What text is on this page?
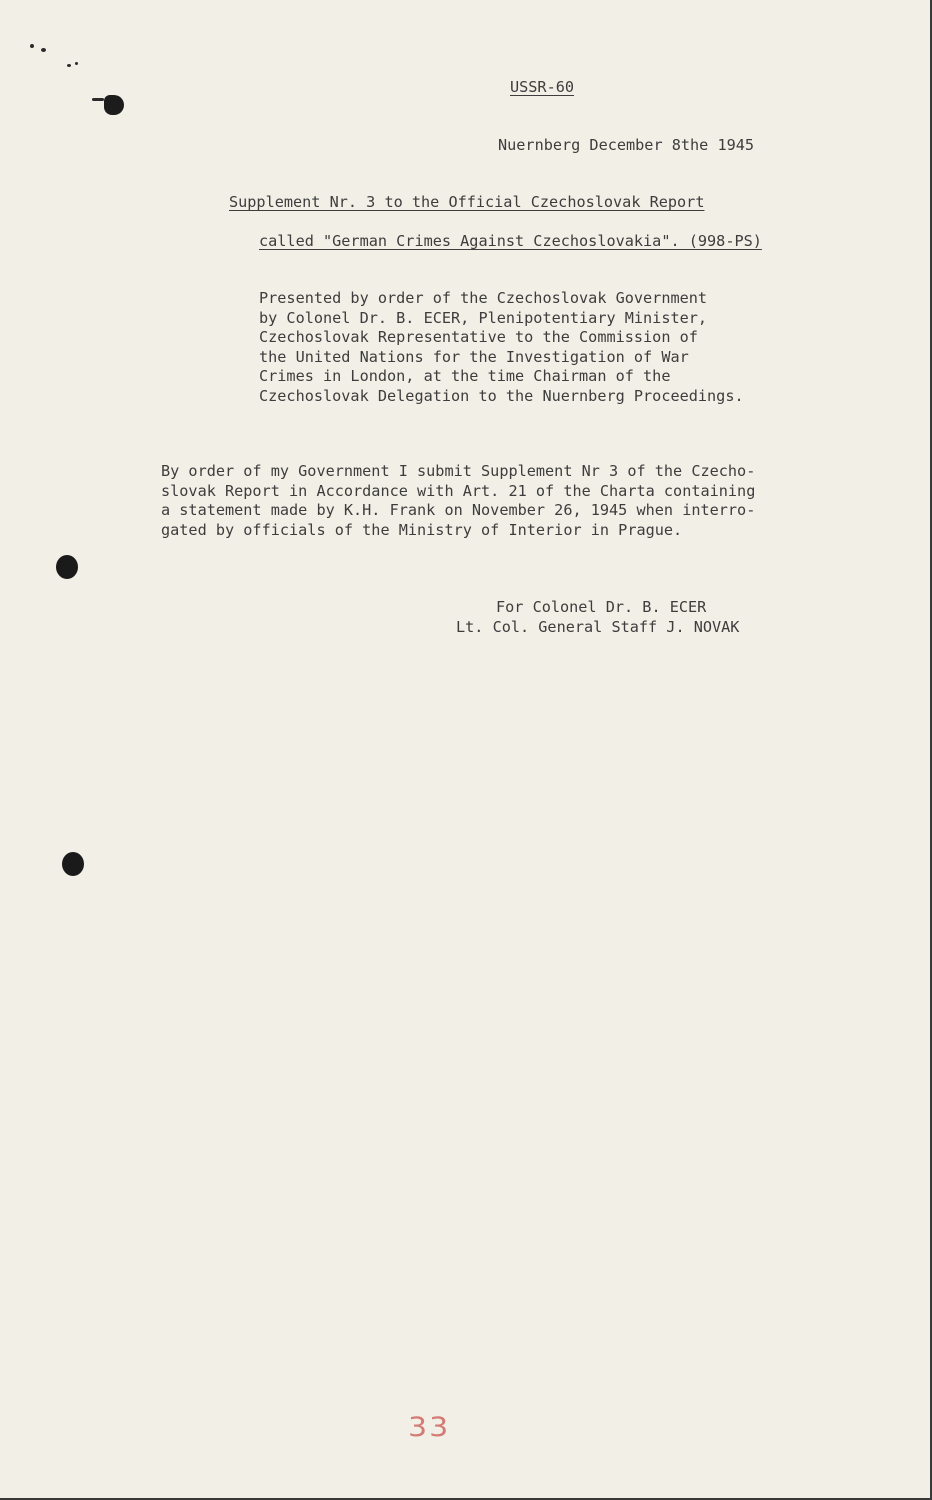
USSR-60
Nuernberg December 8the 1945
Supplement Nr. 3 to the Official Czechoslovak Report
called "German Crimes Against Czechoslovakia". (998-PS)
Presented by order of the Czechoslovak Government
by Colonel Dr. B. ECER, Plenipotentiary Minister,
Czechoslovak Representative to the Commission of
the United Nations for the Investigation of War
Crimes in London, at the time Chairman of the
Czechoslovak Delegation to the Nuernberg Proceedings.
By order of my Government I submit Supplement Nr 3 of the Czecho-
slovak Report in Accordance with Art. 21 of the Charta containing
a statement made by K.H. Frank on November 26, 1945 when interro-
gated by officials of the Ministry of Interior in Prague.
For Colonel Dr. B. ECER
Lt. Col. General Staff J. NOVAK
33
